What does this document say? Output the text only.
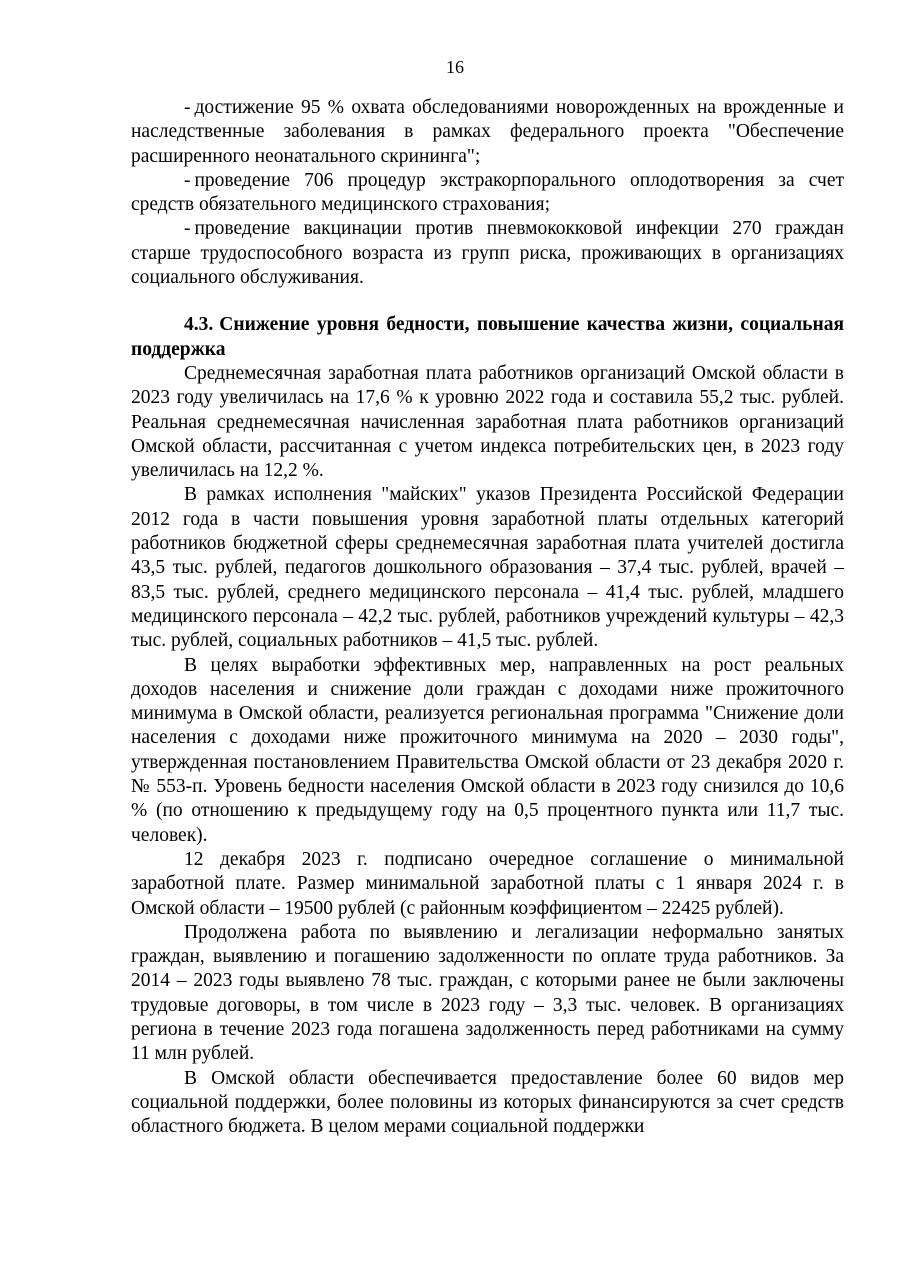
16

- достижение 95 % охвата обследованиями новорожденных на врожденные и наследственные заболевания в рамках федерального проекта "Обеспечение расширенного неонатального скрининга";

- проведение 706 процедур экстракорпорального оплодотворения за счет средств обязательного медицинского страхования;

- проведение вакцинации против пневмококковой инфекции 270 граждан старше трудоспособного возраста из групп риска, проживающих в организациях социального обслуживания.

4.3. Снижение уровня бедности, повышение качества жизни, социальная поддержка

Среднемесячная заработная плата работников организаций Омской области в 2023 году увеличилась на 17,6 % к уровню 2022 года и составила 55,2 тыс. рублей. Реальная среднемесячная начисленная заработная плата работников организаций Омской области, рассчитанная с учетом индекса потребительских цен, в 2023 году увеличилась на 12,2 %.

В рамках исполнения "майских" указов Президента Российской Федерации 2012 года в части повышения уровня заработной платы отдельных категорий работников бюджетной сферы среднемесячная заработная плата учителей достигла 43,5 тыс. рублей, педагогов дошкольного образования – 37,4 тыс. рублей, врачей – 83,5 тыс. рублей, среднего медицинского персонала – 41,4 тыс. рублей, младшего медицинского персонала – 42,2 тыс. рублей, работников учреждений культуры – 42,3 тыс. рублей, социальных работников – 41,5 тыс. рублей.

В целях выработки эффективных мер, направленных на рост реальных доходов населения и снижение доли граждан с доходами ниже прожиточного минимума в Омской области, реализуется региональная программа "Снижение доли населения с доходами ниже прожиточного минимума на 2020 – 2030 годы", утвержденная постановлением Правительства Омской области от 23 декабря 2020 г. № 553-п. Уровень бедности населения Омской области в 2023 году снизился до 10,6 % (по отношению к предыдущему году на 0,5 процентного пункта или 11,7 тыс. человек).

12 декабря 2023 г. подписано очередное соглашение о минимальной заработной плате. Размер минимальной заработной платы с 1 января 2024 г. в Омской области – 19500 рублей (с районным коэффициентом – 22425 рублей).

Продолжена работа по выявлению и легализации неформально занятых граждан, выявлению и погашению задолженности по оплате труда работников. За 2014 – 2023 годы выявлено 78 тыс. граждан, с которыми ранее не были заключены трудовые договоры, в том числе в 2023 году – 3,3 тыс. человек. В организациях региона в течение 2023 года погашена задолженность перед работниками на сумму 11 млн рублей.

В Омской области обеспечивается предоставление более 60 видов мер социальной поддержки, более половины из которых финансируются за счет средств областного бюджета. В целом мерами социальной поддержки
